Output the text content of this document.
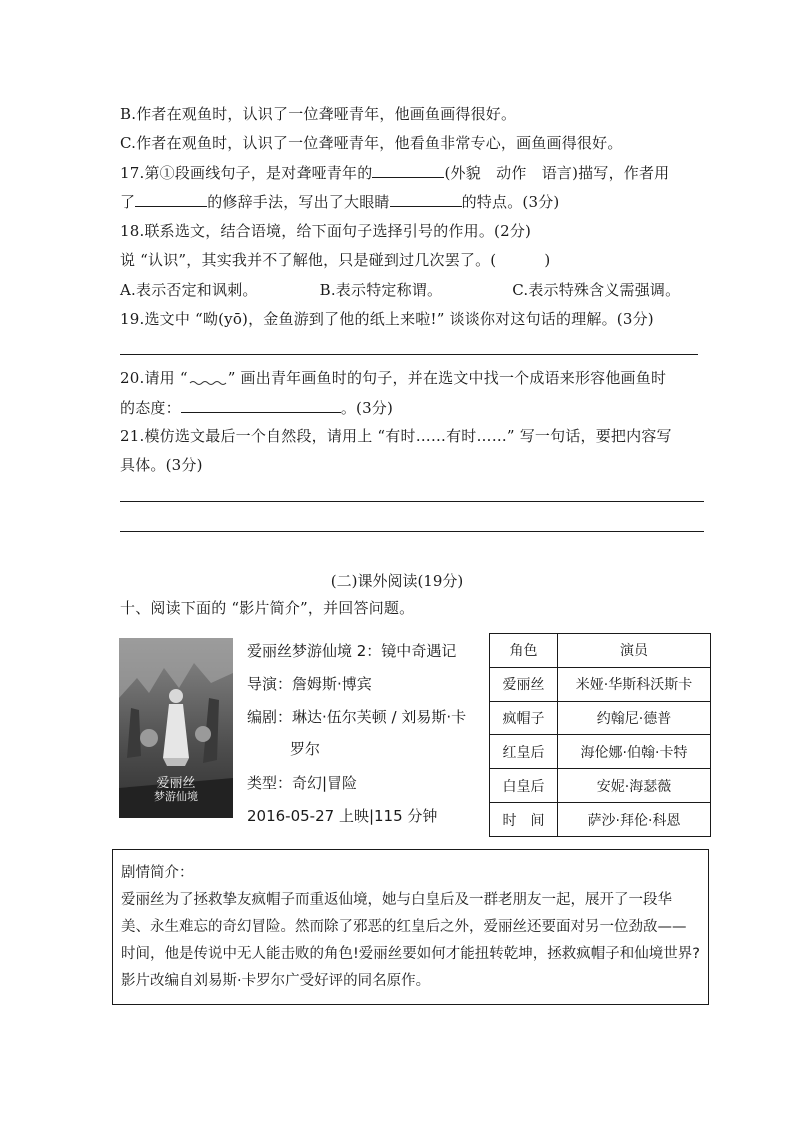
B.作者在观鱼时，认识了一位聋哑青年，他画鱼画得很好。
C.作者在观鱼时，认识了一位聋哑青年，他看鱼非常专心，画鱼画得很好。
17.第①段画线句子，是对聋哑青年的	(外貌　动作　语言)描写，作者用
了	的修辞手法，写出了大眼睛	的特点。(3分)
18.联系选文，结合语境，给下面句子选择引号的作用。(2分)
说 “认识”，其实我并不了解他，只是碰到过几次罢了。(	)
A.表示否定和讽刺。	B.表示特定称谓。	C.表示特殊含义需强调。
19.选文中 “呦(yō)，金鱼游到了他的纸上来啦!” 谈谈你对这句话的理解。(3分)
20.请用 “	” 画出青年画鱼时的句子，并在选文中找一个成语来形容他画鱼时
的态度：	。(3分)
21.模仿选文最后一个自然段，请用上 “有时……有时……” 写一句话，要把内容写
具体。(3分)
(二)课外阅读(19分)
十、阅读下面的 “影片简介”，并回答问题。
爱丽丝
梦游仙境
爱丽丝梦游仙境 2：镜中奇遇记
导演：詹姆斯·博宾
编剧：琳达·伍尔芙顿 / 刘易斯·卡
罗尔
类型：奇幻|冒险
2016-05-27 上映|115 分钟
角色	演员
爱丽丝	米娅·华斯科沃斯卡
疯帽子	约翰尼·德普
红皇后	海伦娜·伯翰·卡特
白皇后	安妮·海瑟薇
时　间	萨沙·拜伦·科恩
剧情简介：
爱丽丝为了拯救挚友疯帽子而重返仙境，她与白皇后及一群老朋友一起，展开了一段华美、永生难忘的奇幻冒险。然而除了邪恶的红皇后之外，爱丽丝还要面对另一位劲敌——时间，他是传说中无人能击败的角色!爱丽丝要如何才能扭转乾坤，拯救疯帽子和仙境世界?影片改编自刘易斯·卡罗尔广受好评的同名原作。
